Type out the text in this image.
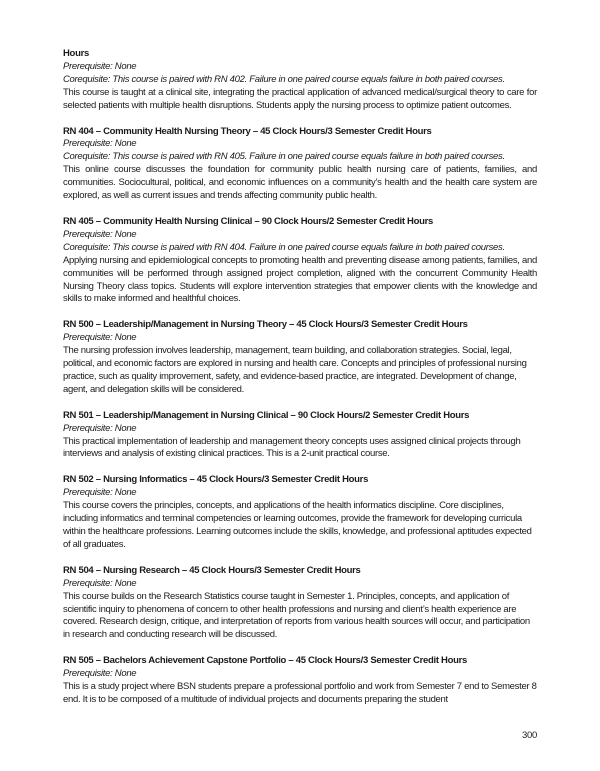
Hours

Prerequisite: None

Corequisite: This course is paired with RN 402. Failure in one paired course equals failure in both paired courses.

This course is taught at a clinical site, integrating the practical application of advanced medical/surgical theory to care for selected patients with multiple health disruptions. Students apply the nursing process to optimize patient outcomes.

RN 404 – Community Health Nursing Theory – 45 Clock Hours/3 Semester Credit Hours

Prerequisite: None

Corequisite: This course is paired with RN 405. Failure in one paired course equals failure in both paired courses.

This online course discusses the foundation for community public health nursing care of patients, families, and communities. Sociocultural, political, and economic influences on a community’s health and the health care system are explored, as well as current issues and trends affecting community public health.

RN 405 – Community Health Nursing Clinical – 90 Clock Hours/2 Semester Credit Hours

Prerequisite: None

Corequisite: This course is paired with RN 404. Failure in one paired course equals failure in both paired courses.

Applying nursing and epidemiological concepts to promoting health and preventing disease among patients, families, and communities will be performed through assigned project completion, aligned with the concurrent Community Health Nursing Theory class topics. Students will explore intervention strategies that empower clients with the knowledge and skills to make informed and healthful choices.

RN 500 – Leadership/Management in Nursing Theory – 45 Clock Hours/3 Semester Credit Hours

Prerequisite: None

The nursing profession involves leadership, management, team building, and collaboration strategies. Social, legal, political, and economic factors are explored in nursing and health care. Concepts and principles of professional nursing practice, such as quality improvement, safety, and evidence-based practice, are integrated. Development of change, agent, and delegation skills will be considered.

RN 501 – Leadership/Management in Nursing Clinical – 90 Clock Hours/2 Semester Credit Hours

Prerequisite: None

This practical implementation of leadership and management theory concepts uses assigned clinical projects through interviews and analysis of existing clinical practices. This is a 2-unit practical course.

RN 502 – Nursing Informatics – 45 Clock Hours/3 Semester Credit Hours

Prerequisite: None

This course covers the principles, concepts, and applications of the health informatics discipline. Core disciplines, including informatics and terminal competencies or learning outcomes, provide the framework for developing curricula within the healthcare professions. Learning outcomes include the skills, knowledge, and professional aptitudes expected of all graduates.

RN 504 – Nursing Research – 45 Clock Hours/3 Semester Credit Hours

Prerequisite: None

This course builds on the Research Statistics course taught in Semester 1. Principles, concepts, and application of scientific inquiry to phenomena of concern to other health professions and nursing and client’s health experience are covered. Research design, critique, and interpretation of reports from various health sources will occur, and participation in research and conducting research will be discussed.

RN 505 – Bachelors Achievement Capstone Portfolio – 45 Clock Hours/3 Semester Credit Hours

Prerequisite: None

This is a study project where BSN students prepare a professional portfolio and work from Semester 7 end to Semester 8 end. It is to be composed of a multitude of individual projects and documents preparing the student

300
